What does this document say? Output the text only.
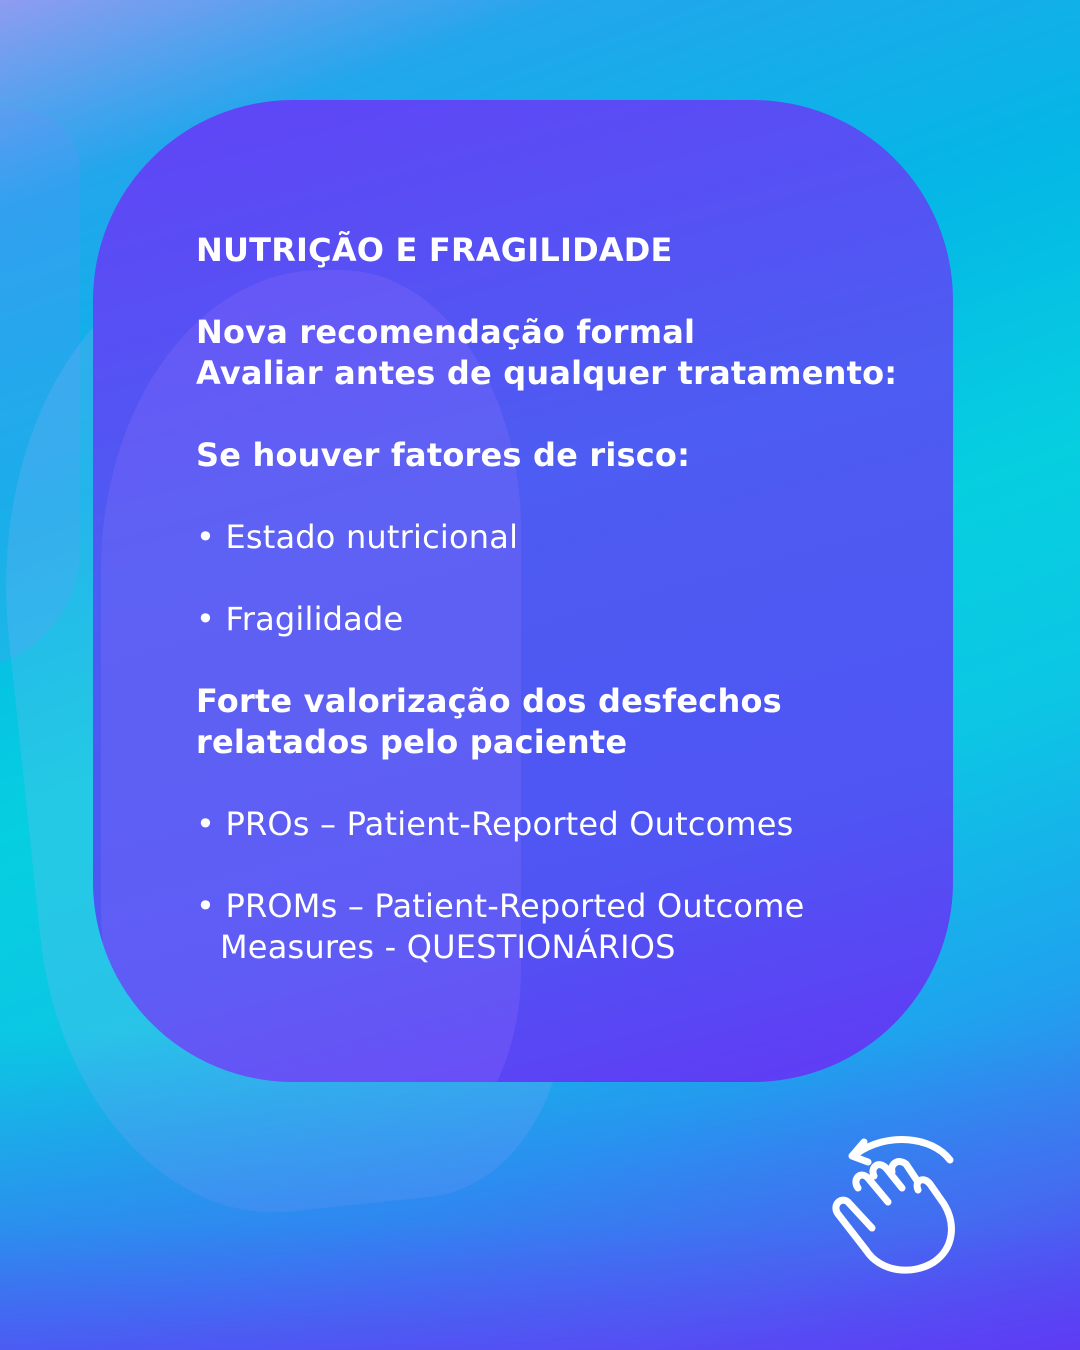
NUTRIÇÃO E FRAGILIDADE

Nova recomendação formal

Avaliar antes de qualquer tratamento:

Se houver fatores de risco:

• Estado nutricional

• Fragilidade

Forte valorização dos desfechos

relatados pelo paciente

• PROs – Patient-Reported Outcomes

• PROMs – Patient-Reported Outcome

Measures - QUESTIONÁRIOS
